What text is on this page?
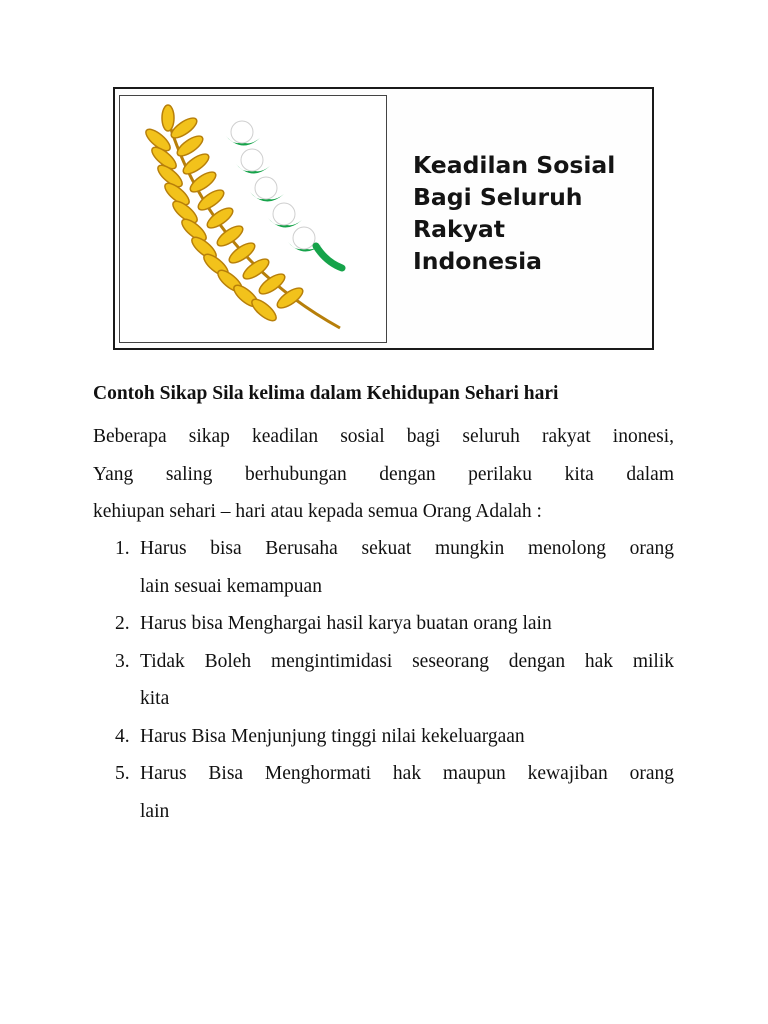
Keadilan Sosial
Bagi Seluruh
Rakyat
Indonesia
Contoh Sikap Sila kelima dalam Kehidupan Sehari hari
Beberapa sikap keadilan sosial bagi seluruh rakyat inonesi,
Yang saling berhubungan dengan perilaku kita dalam
kehiupan sehari – hari atau kepada semua Orang Adalah :
1. Harus bisa Berusaha sekuat mungkin menolong orang
lain sesuai kemampuan
2. Harus bisa Menghargai hasil karya buatan orang lain
3. Tidak Boleh mengintimidasi seseorang dengan hak milik
kita
4. Harus Bisa Menjunjung tinggi nilai kekeluargaan
5. Harus Bisa Menghormati hak maupun kewajiban orang
lain
